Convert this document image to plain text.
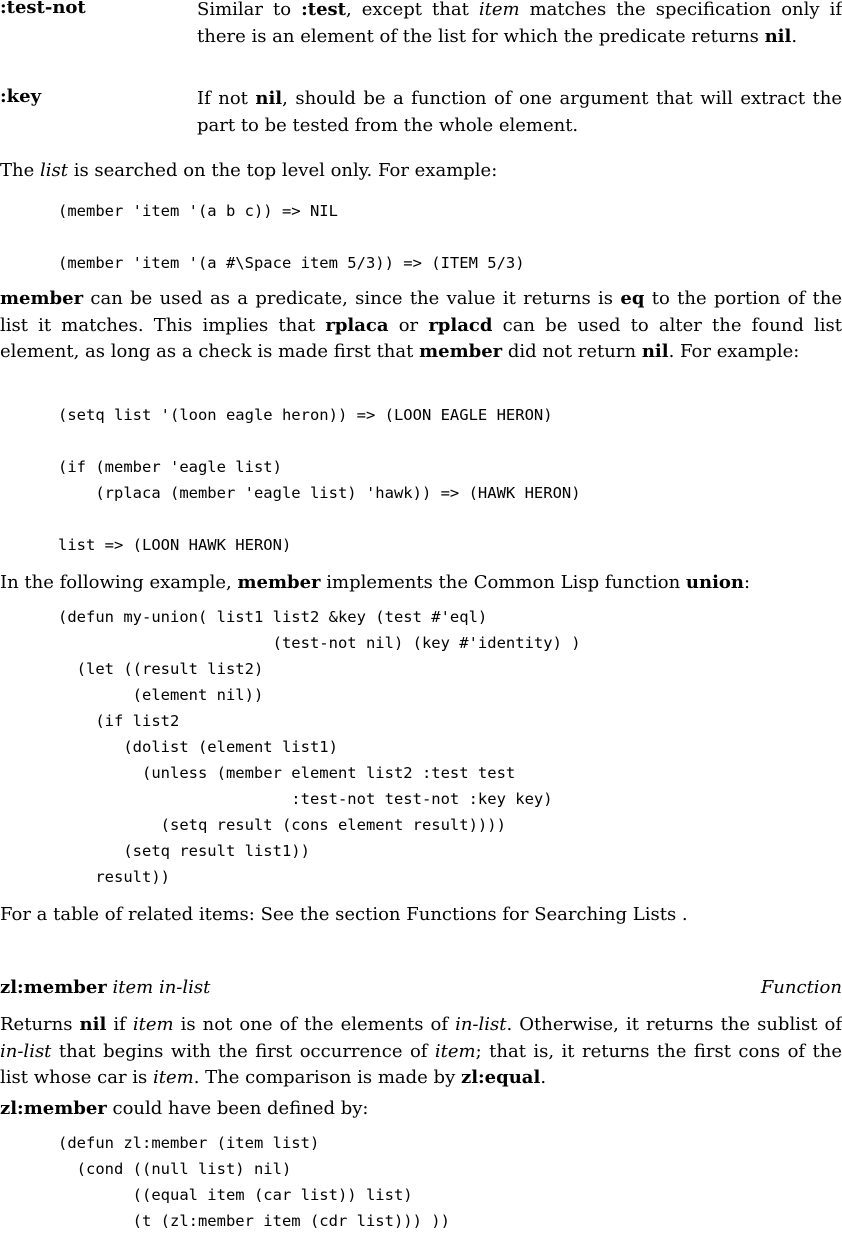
:test-not	Similar to :test, except that item matches the specification only if there is an element of the list for which the predicate returns nil.
:key	If not nil, should be a function of one argument that will extract the part to be tested from the whole element.
The list is searched on the top level only. For example:
(member 'item '(a b c)) => NIL

(member 'item '(a #\Space item 5/3)) => (ITEM 5/3)
member can be used as a predicate, since the value it returns is eq to the portion of the list it matches. This implies that rplaca or rplacd can be used to alter the found list element, as long as a check is made first that member did not return nil. For example:
(setq list '(loon eagle heron)) => (LOON EAGLE HERON)

(if (member 'eagle list)
(rplaca (member 'eagle list) 'hawk)) => (HAWK HERON)

list => (LOON HAWK HERON)
In the following example, member implements the Common Lisp function union:
(defun my-union( list1 list2 &key (test #'eql)
(test-not nil) (key #'identity) )
(let ((result list2)
(element nil))
(if list2
(dolist (element list1)
(unless (member element list2 :test test
:test-not test-not :key key)
(setq result (cons element result))))
(setq result list1))
result))
For a table of related items: See the section Functions for Searching Lists .
zl:member item in-list	Function
Returns nil if item is not one of the elements of in-list. Otherwise, it returns the sublist of in-list that begins with the first occurrence of item; that is, it returns the first cons of the list whose car is item. The comparison is made by zl:equal.
zl:member could have been defined by:
(defun zl:member (item list)
(cond ((null list) nil)
((equal item (car list)) list)
(t (zl:member item (cdr list))) ))
